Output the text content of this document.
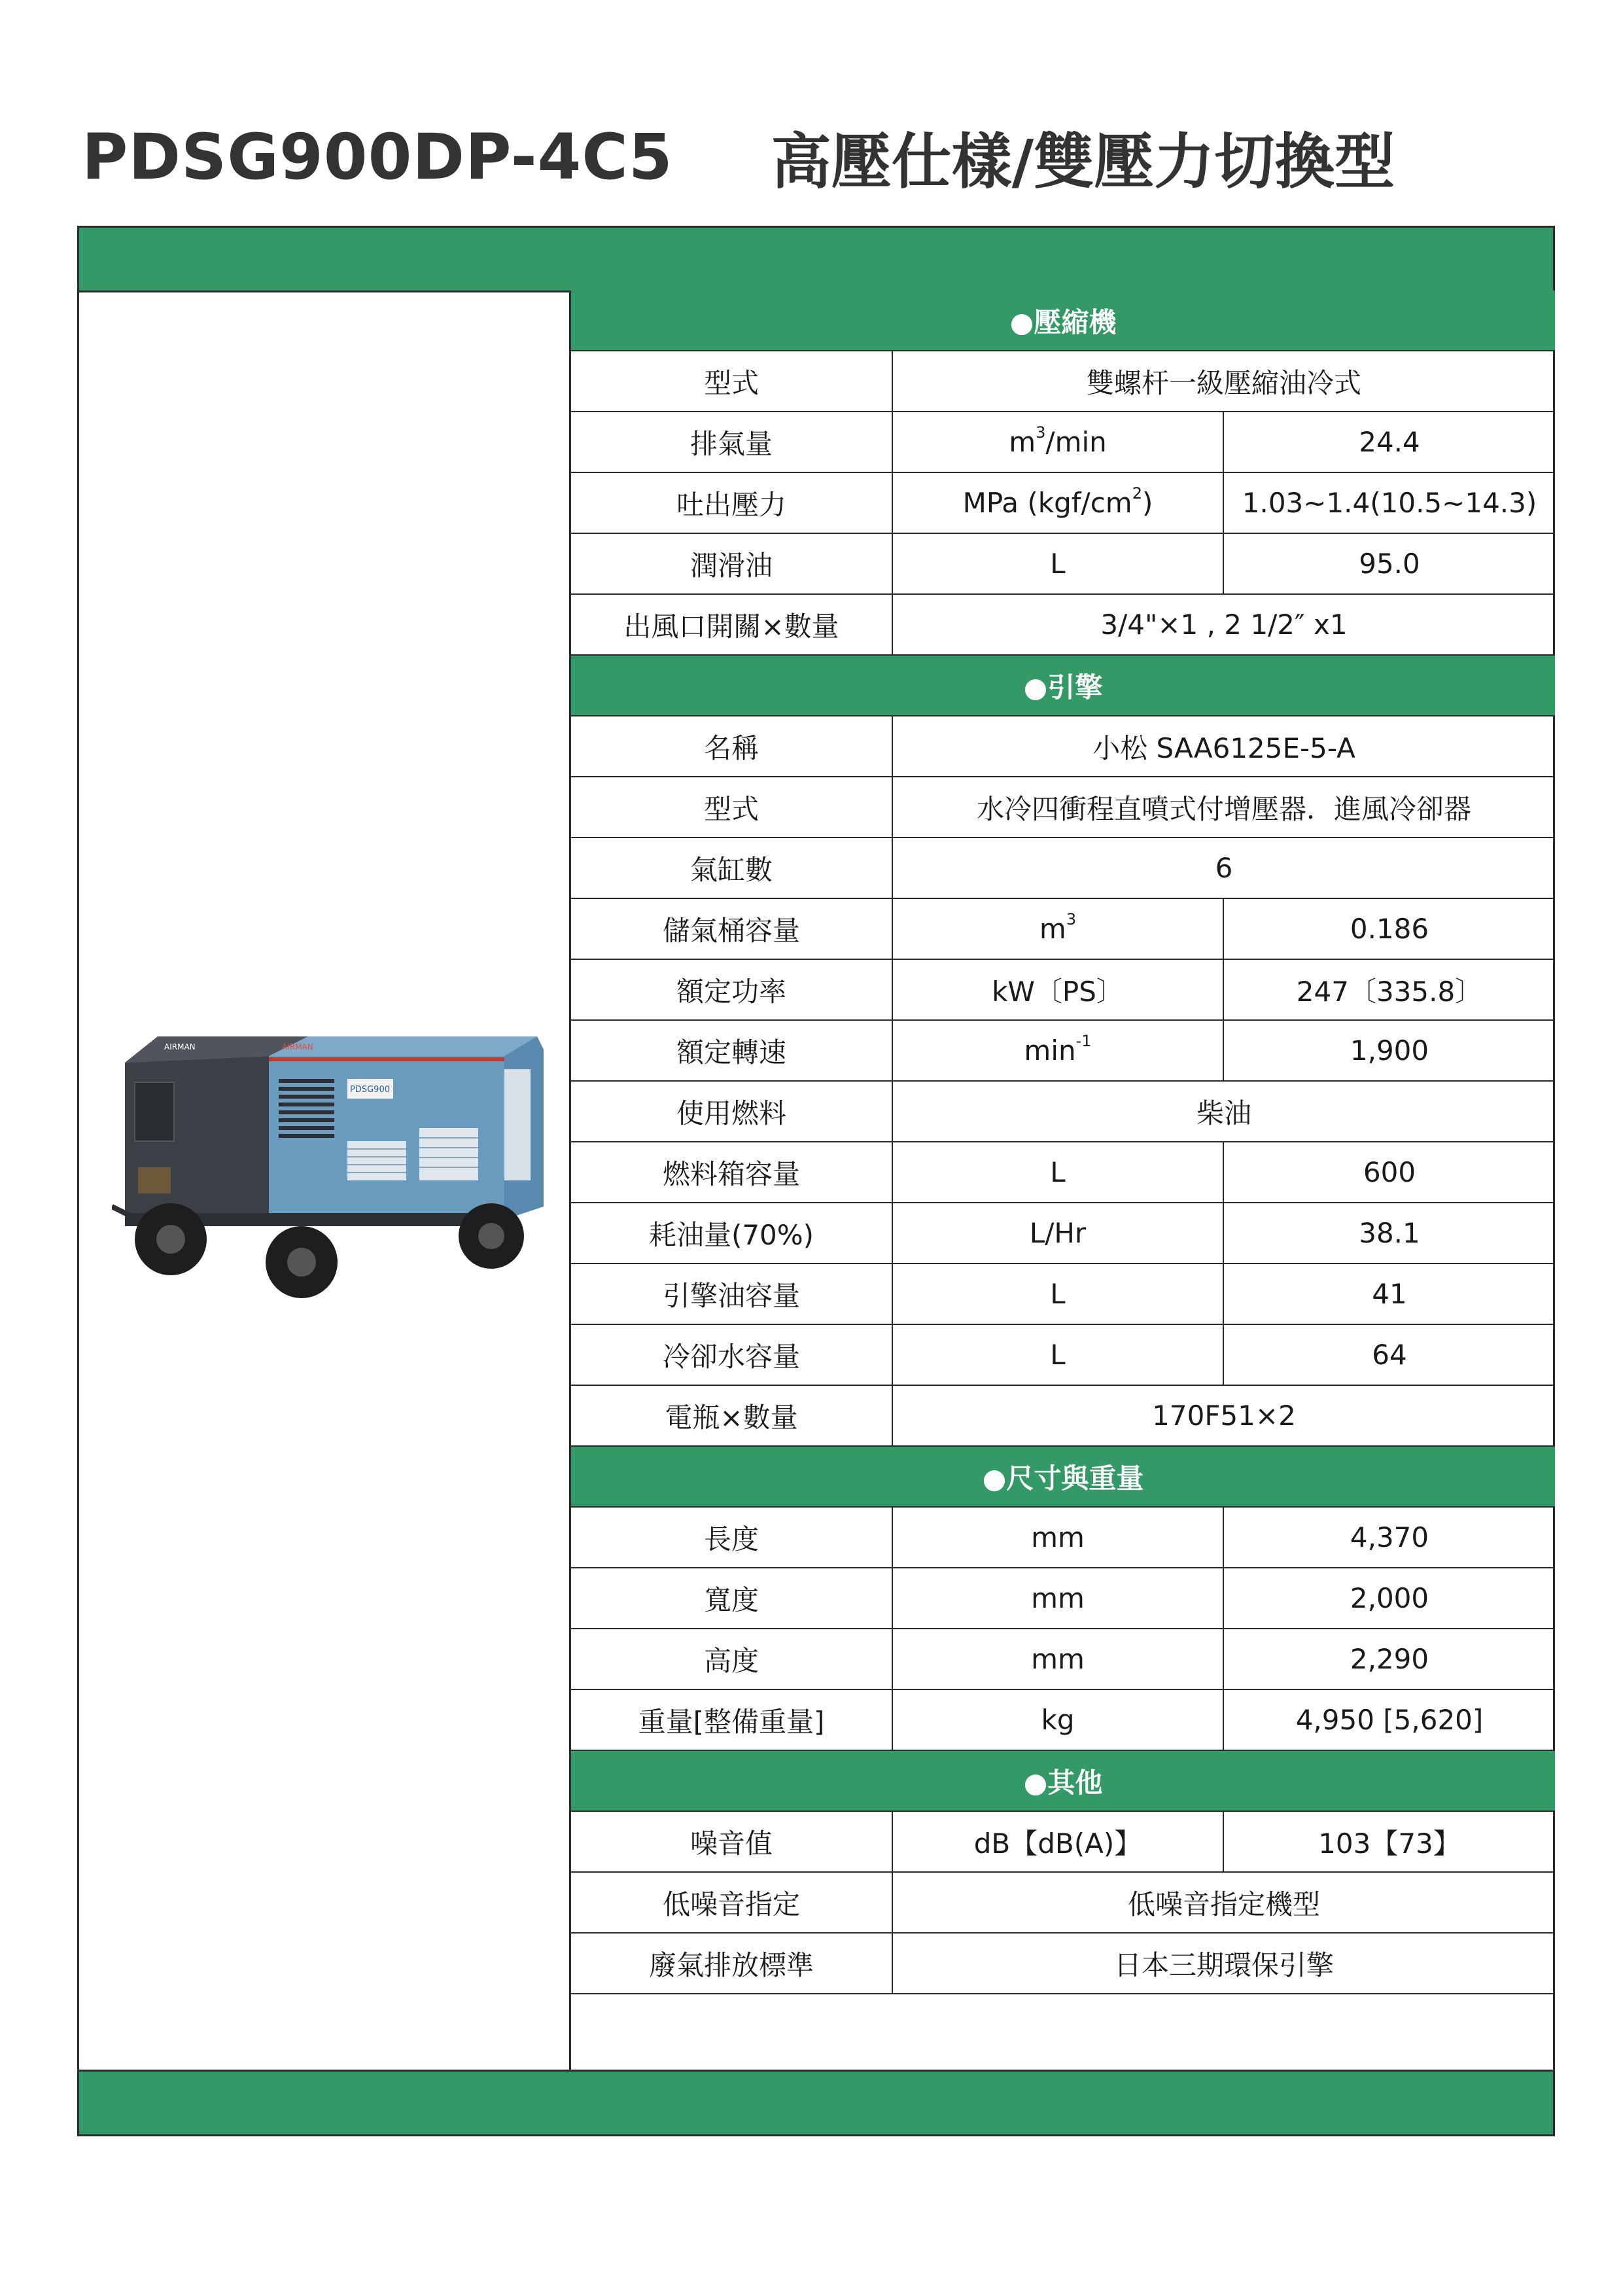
PDSG900DP-4C5 高壓仕樣/雙壓力切換型
PDSG900
AIRMAN	AIRMAN
●壓縮機		
型式	雙螺杆一級壓縮油冷式	
排氣量	$m^3/\min$	24.4
吐出壓力	MPa $(kgf/cm^2)$	1.03~1.4(10.5~14.3)
潤滑油	L	95.0
出風口開關×數量	3/4"×1 , 2 1/2″ x1	
●引擎		
名稱	小松 SAA6125E-5-A	
型式	水冷四衝程直噴式付增壓器．進風冷卻器	
氣缸數	6	
儲氣桶容量	$m^3$	0.186
額定功率	kW〔PS〕	247〔335.8〕
額定轉速	$\min^{-1}$	1,900
使用燃料	柴油	
燃料箱容量	L	600
耗油量(70%)	L/Hr	38.1
引擎油容量	L	41
冷卻水容量	L	64
電瓶×數量	170F51×2	
●尺寸與重量		
長度	mm	4,370
寬度	mm	2,000
高度	mm	2,290
重量[整備重量]	kg	4,950 [5,620]
●其他		
噪音值	dB【dB(A)】	103【73】
低噪音指定	低噪音指定機型	
廢氣排放標準	日本三期環保引擎	
